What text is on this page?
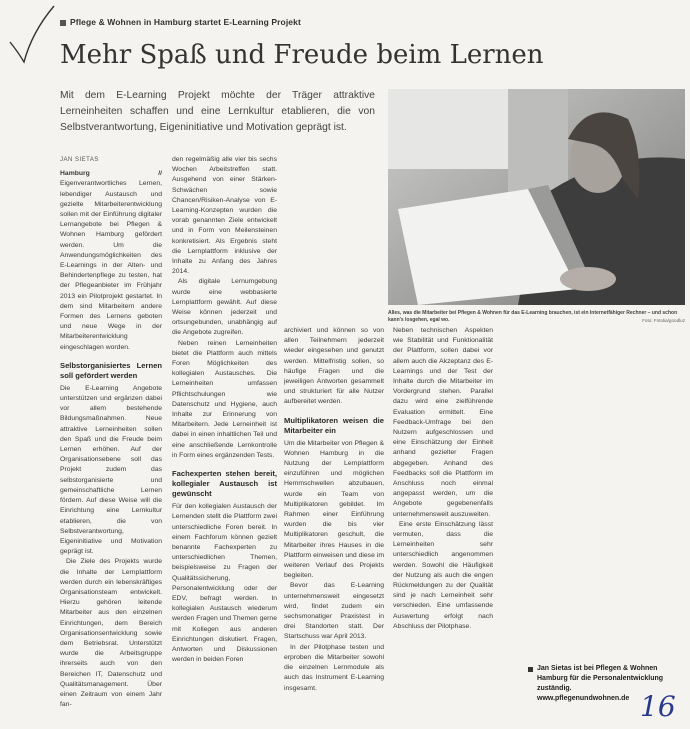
Pflege & Wohnen in Hamburg startet E-Learning Projekt
Mehr Spaß und Freude beim Lernen
Mit dem E-Learning Projekt möchte der Träger attraktive Lerneinheiten schaffen und eine Lernkultur etablieren, die von Selbstverantwortung, Eigeninitiative und Motivation geprägt ist.
Alles, was die Mitarbeiter bei Pflegen & Wohnen für das E-Learning brauchen, ist ein Internetfähiger Rechner – und schon kann's losgehen, egal wo.	Foto: Fotolia/goodluz
JAN SIETAS

Hamburg // Eigenverantwortliches Lernen, lebendiger Austausch und gezielte Mitarbeiterentwicklung sollen mit der Einführung digitaler Lernangebote bei Pflegen & Wohnen Hamburg gefördert werden. Um die Anwendungsmöglichkeiten des E-Learnings in der Alten- und Behindertenpflege zu testen, hat der Pflegeanbieter im Frühjahr 2013 ein Pilotprojekt gestartet. In dem sind Mitarbeitern andere Formen des Lernens geboten und neue Wege in der Mitarbeiterentwicklung eingeschlagen worden.

Selbstorganisiertes Lernen soll gefördert werden

Die E-Learning Angebote unterstützen und ergänzen dabei vor allem bestehende Bildungsmaßnahmen. Neue attraktive Lerneinheiten sollen den Spaß und die Freude beim Lernen erhöhen. Auf der Organisationsebene soll das Projekt zudem das selbstorganisierte und gemeinschaftliche Lernen fördern. Auf diese Weise will die Einrichtung eine Lernkultur etablieren, die von Selbstverantwortung, Eigeninitiative und Motivation geprägt ist.

Die Ziele des Projekts wurde die Inhalte der Lernplattform werden durch ein lebenskräftiges Organisationsteam entwickelt. Hierzu gehören leitende Mitarbeiter aus den einzelnen Einrichtungen, dem Bereich Organisationsentwicklung sowie dem Betriebsrat. Unterstützt wurde die Arbeitsgruppe ihrerseits auch von den Bereichen IT, Datenschutz und Qualitätsmanagement. Über einen Zeitraum von einem Jahr fan-

den regelmäßig alle vier bis sechs Wochen Arbeitstreffen statt. Ausgehend von einer Stärken-Schwächen sowie Chancen/Risiken-Analyse von E-Learning-Konzepten wurden die vorab genannten Ziele entwickelt und in Form von Meilensteinen konkretisiert. Als Ergebnis steht die Lernplattform inklusive der Inhalte zu Anfang des Jahres 2014.

Als digitale Lernumgebung wurde eine webbasierte Lernplattform gewählt. Auf diese Weise können jederzeit und ortsungebunden, unabhängig auf die Angebote zugreifen.

Neben reinen Lerneinheiten bietet die Plattform auch mittels Foren Möglichkeiten des kollegialen Austausches. Die Lerneinheiten umfassen Pflichtschulungen wie Datenschutz und Hygiene, auch Inhalte zur Erinnerung von Mitarbeitern. Jede Lerneinheit ist dabei in einen inhaltlichen Teil und eine anschließende Lernkontrolle in Form eines ergänzenden Tests.

Fachexperten stehen bereit, kollegialer Austausch ist gewünscht

Für den kollegialen Austausch der Lernenden stellt die Plattform zwei unterschiedliche Foren bereit. In einem Fachforum können gezielt benannte Fachexperten zu unterschiedlichen Themen, beispielsweise zu Fragen der Qualitätssicherung, Personalentwicklung oder der EDV, befragt werden. In kollegialen Austausch wiederum werden Fragen und Themen gerne mit Kollegen aus anderen Einrichtungen diskutiert. Fragen, Antworten und Diskussionen werden in beiden Foren

archiviert und können so von allen Teilnehmern jederzeit wieder eingesehen und genutzt werden. Mittelfristig sollen, so häufige Fragen und die jeweiligen Antworten gesammelt und strukturiert für alle Nutzer aufbereitet werden.

Multiplikatoren weisen die Mitarbeiter ein

Um die Mitarbeiter von Pflegen & Wohnen Hamburg in die Nutzung der Lernplattform einzuführen und möglichen Hemmschwellen abzubauen, wurde ein Team von Multiplikatoren gebildet. Im Rahmen einer Einführung wurden die bis vier Multiplikatoren geschult, die Mitarbeiter ihres Hauses in die Plattform einweisen und diese im weiteren Verlauf des Projekts begleiten.

Bevor das E-Learning unternehmensweit eingesetzt wird, findet zudem ein sechsmonatiger Praxistest in drei Standorten statt. Der Startschuss war April 2013.

In der Pilotphase testen und erproben die Mitarbeiter sowohl die einzelnen Lernmodule als auch das Instrument E-Learning insgesamt.

Neben technischen Aspekten wie Stabilität und Funktionalität der Plattform, sollen dabei vor allem auch die Akzeptanz des E-Learnings und der Test der Inhalte durch die Mitarbeiter im Vordergrund stehen. Parallel dazu wird eine zielführende Evaluation ermittelt. Eine Feedback-Umfrage bei den Nutzern aufgeschlossen und eine Einschätzung der Einheit anhand gezielter Fragen abgegeben. Anhand des Feedbacks soll die Plattform im Anschluss noch einmal angepasst werden, um die Angebote gegebenenfalls unternehmensweit auszuweiten.

Eine erste Einschätzung lässt vermuten, dass die Lerneinheiten sehr unterschiedlich angenommen werden. Sowohl die Häufigkeit der Nutzung als auch die engen Rückmeldungen zu der Qualität sind je nach Lerneinheit sehr verschieden. Eine umfassende Auswertung erfolgt nach Abschluss der Pilotphase.

Jan Sietas ist bei Pflegen & Wohnen Hamburg für die Personalentwicklung zuständig.
www.pflegenundwohnen.de 16
